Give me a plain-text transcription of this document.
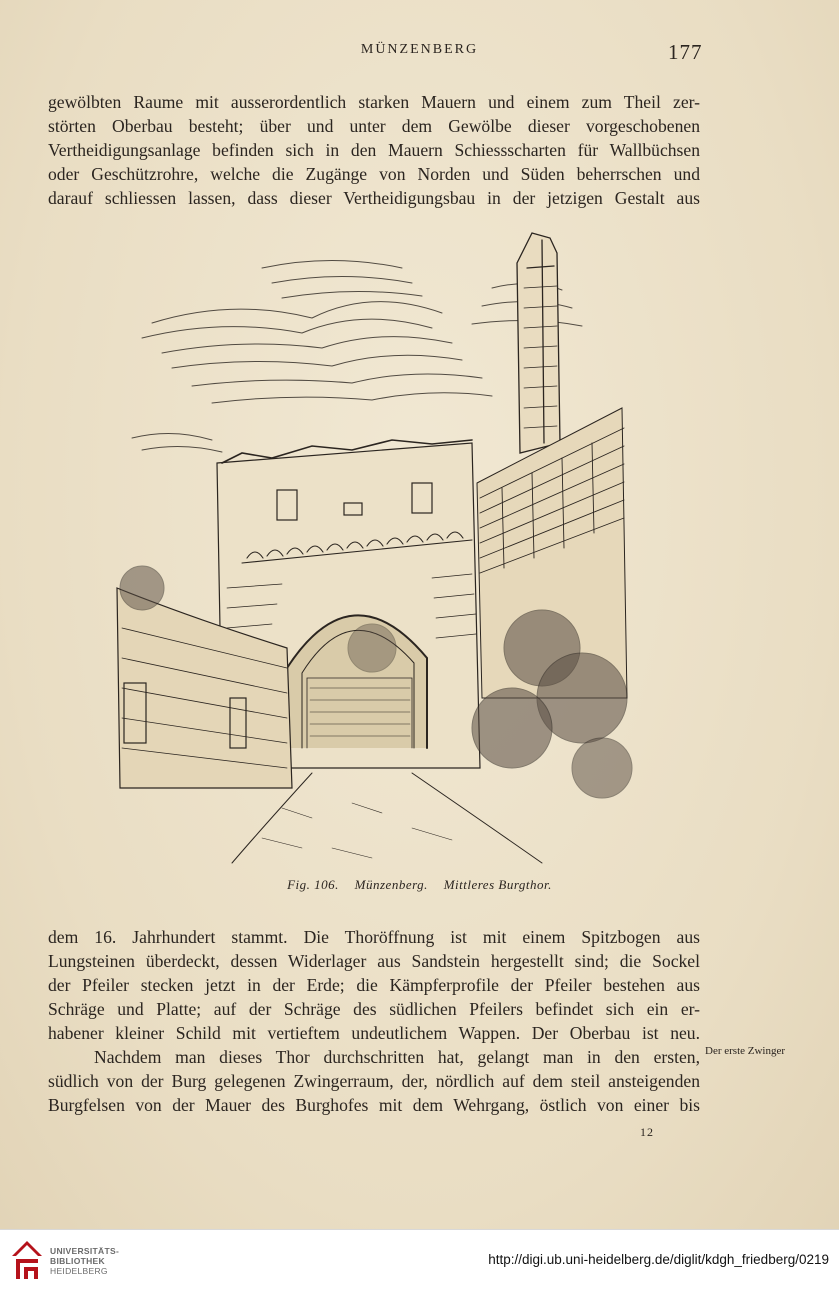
MÜNZENBERG	177
gewölbten Raume mit ausserordentlich starken Mauern und einem zum Theil zer-
störten Oberbau besteht; über und unter dem Gewölbe dieser vorgeschobenen
Vertheidigungsanlage befinden sich in den Mauern Schiessscharten für Wallbüchsen
oder Geschützrohre, welche die Zugänge von Norden und Süden beherrschen und
darauf schliessen lassen, dass dieser Vertheidigungsbau in der jetzigen Gestalt aus
Fig. 106. Münzenberg. Mittleres Burgthor.
dem 16. Jahrhundert stammt. Die Thoröffnung ist mit einem Spitzbogen aus
Lungsteinen überdeckt, dessen Widerlager aus Sandstein hergestellt sind; die Sockel
der Pfeiler stecken jetzt in der Erde; die Kämpferprofile der Pfeiler bestehen aus
Schräge und Platte; auf der Schräge des südlichen Pfeilers befindet sich ein er-
habener kleiner Schild mit vertieftem undeutlichem Wappen. Der Oberbau ist neu.
Nachdem man dieses Thor durchschritten hat, gelangt man in den ersten,
südlich von der Burg gelegenen Zwingerraum, der, nördlich auf dem steil ansteigenden
Burgfelsen von der Mauer des Burghofes mit dem Wehrgang, östlich von einer bis
Der erste Zwinger
12
UNIVERSITÄTS-
BIBLIOTHEK
HEIDELBERG
http://digi.ub.uni-heidelberg.de/diglit/kdgh_friedberg/0219
